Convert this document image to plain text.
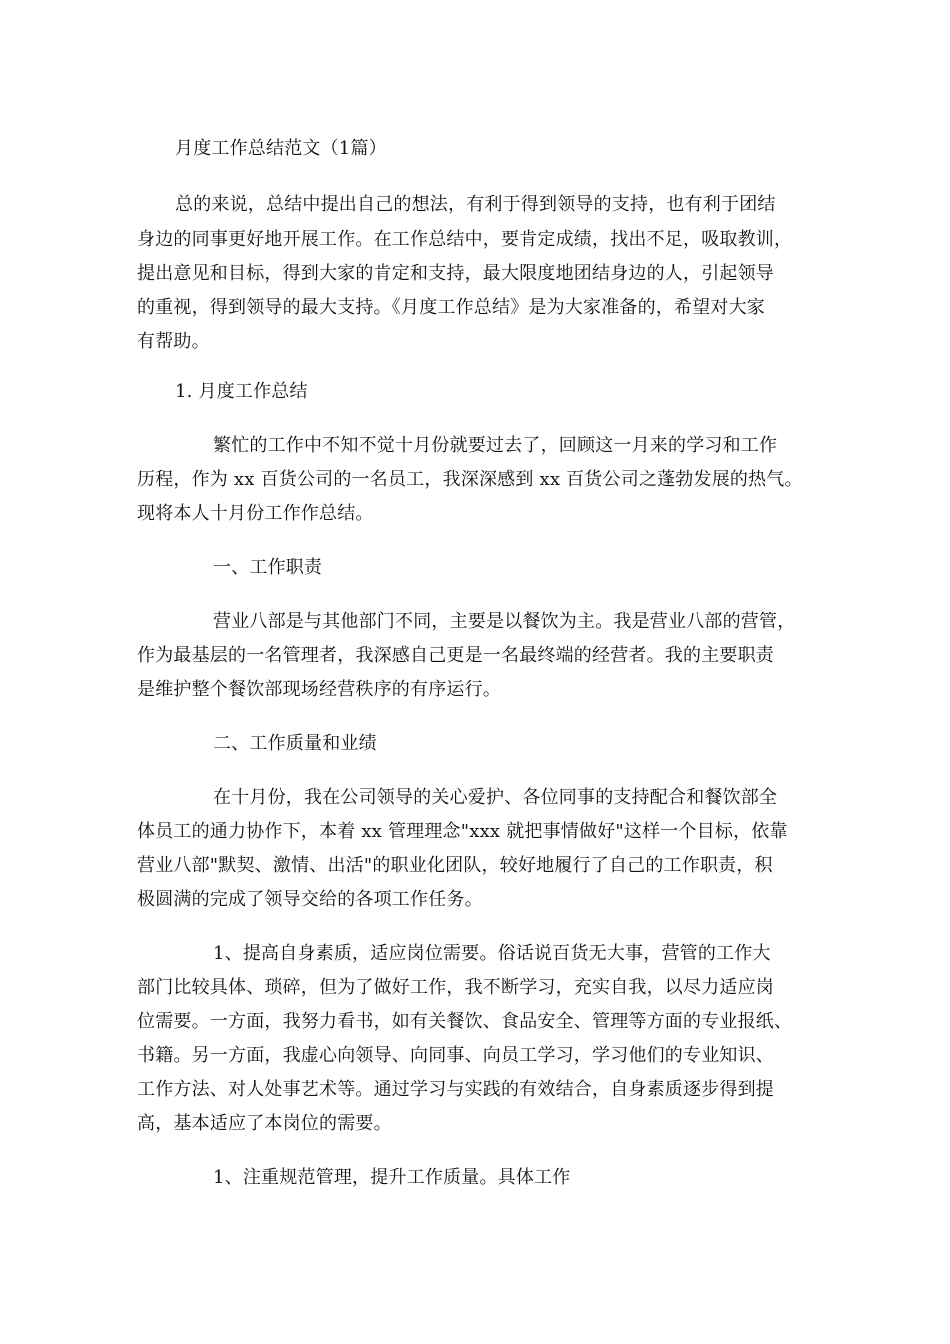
月度工作总结范文（1篇）
总的来说，总结中提出自己的想法，有利于得到领导的支持，也有利于团结
身边的同事更好地开展工作。在工作总结中，要肯定成绩，找出不足，吸取教训，
提出意见和目标，得到大家的肯定和支持，最大限度地团结身边的人，引起领导
的重视，得到领导的最大支持。《月度工作总结》是为大家准备的，希望对大家
有帮助。
1. 月度工作总结
繁忙的工作中不知不觉十月份就要过去了，回顾这一月来的学习和工作
历程，作为 xx 百货公司的一名员工，我深深感到 xx 百货公司之蓬勃发展的热气。
现将本人十月份工作作总结。
一、工作职责
营业八部是与其他部门不同，主要是以餐饮为主。我是营业八部的营管，
作为最基层的一名管理者，我深感自己更是一名最终端的经营者。我的主要职责
是维护整个餐饮部现场经营秩序的有序运行。
二、工作质量和业绩
在十月份，我在公司领导的关心爱护、各位同事的支持配合和餐饮部全
体员工的通力协作下，本着 xx 管理理念"xxx 就把事情做好"这样一个目标，依靠
营业八部"默契、激情、出活"的职业化团队，较好地履行了自己的工作职责，积
极圆满的完成了领导交给的各项工作任务。
1、提高自身素质，适应岗位需要。俗话说百货无大事，营管的工作大
部门比较具体、琐碎，但为了做好工作，我不断学习，充实自我，以尽力适应岗
位需要。一方面，我努力看书，如有关餐饮、食品安全、管理等方面的专业报纸、
书籍。另一方面，我虚心向领导、向同事、向员工学习，学习他们的专业知识、
工作方法、对人处事艺术等。通过学习与实践的有效结合，自身素质逐步得到提
高，基本适应了本岗位的需要。
1、注重规范管理，提升工作质量。具体工作
